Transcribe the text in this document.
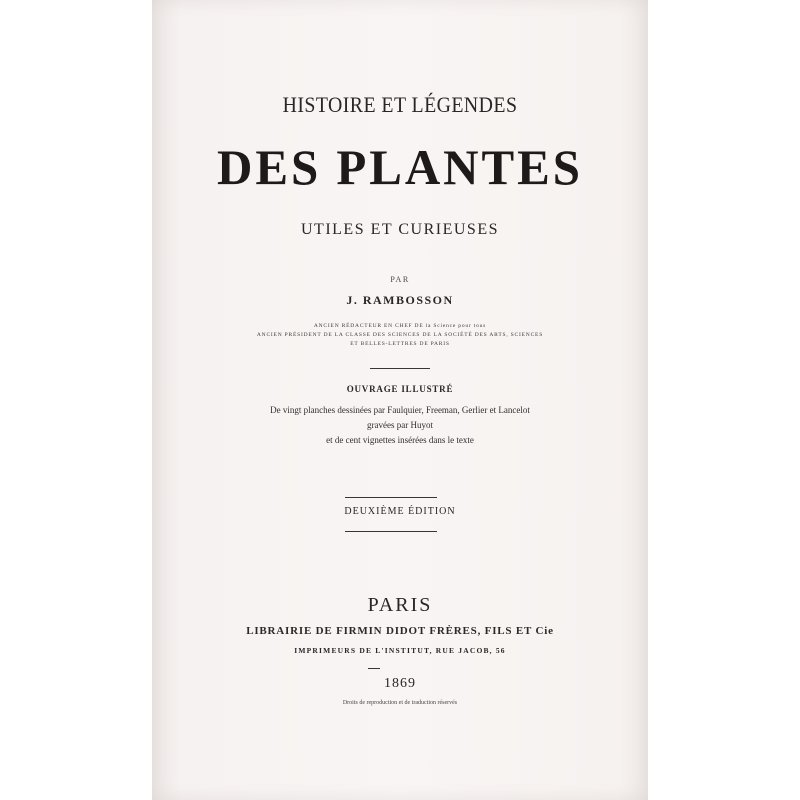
HISTOIRE ET LÉGENDES
DES PLANTES
UTILES ET CURIEUSES
PAR
J. RAMBOSSON
ANCIEN RÉDACTEUR EN CHEF DE la Science pour tous
ANCIEN PRÉSIDENT DE LA CLASSE DES SCIENCES DE LA SOCIÉTÉ DES ARTS, SCIENCES
ET BELLES-LETTRES DE PARIS
OUVRAGE ILLUSTRÉ
De vingt planches dessinées par Faulquier, Freeman, Gerlier et Lancelot
gravées par Huyot
et de cent vignettes insérées dans le texte
DEUXIÈME ÉDITION
PARIS
LIBRAIRIE DE FIRMIN DIDOT FRÈRES, FILS ET Cie
IMPRIMEURS DE L'INSTITUT, RUE JACOB, 56
1869
Droits de reproduction et de traduction réservés
